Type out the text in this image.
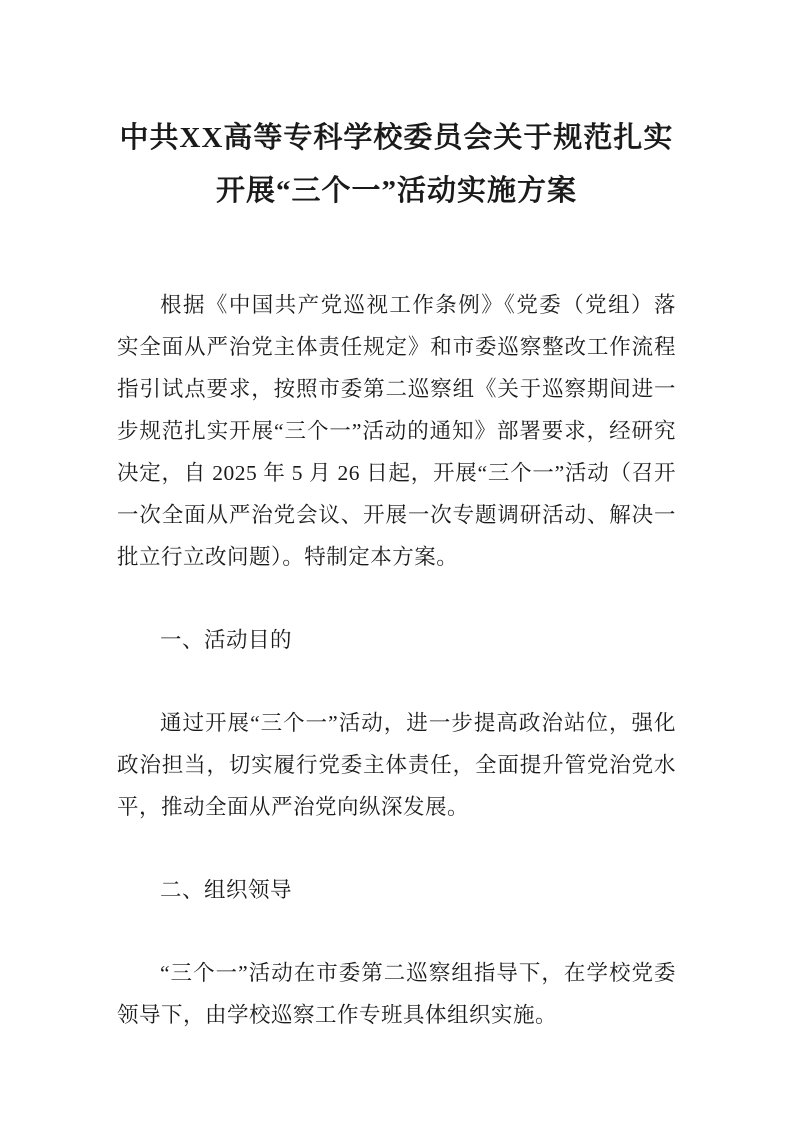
中共XX高等专科学校委员会关于规范扎实
开展“三个一”活动实施方案

根据《中国共产党巡视工作条例》《党委（党组）落实全面从严治党主体责任规定》和市委巡察整改工作流程指引试点要求，按照市委第二巡察组《关于巡察期间进一步规范扎实开展“三个一”活动的通知》部署要求，经研究决定，自 2025 年 5 月 26 日起，开展“三个一”活动（召开一次全面从严治党会议、开展一次专题调研活动、解决一批立行立改问题）。特制定本方案。

一、活动目的

通过开展“三个一”活动，进一步提高政治站位，强化政治担当，切实履行党委主体责任，全面提升管党治党水平，推动全面从严治党向纵深发展。

二、组织领导

“三个一”活动在市委第二巡察组指导下，在学校党委领导下，由学校巡察工作专班具体组织实施。
